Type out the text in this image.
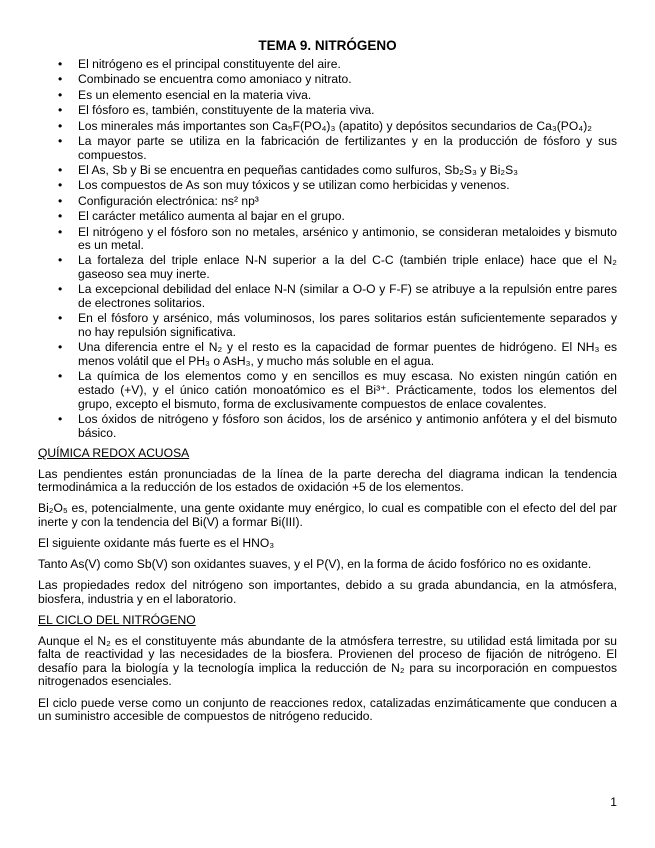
TEMA 9. NITRÓGENO
• El nitrógeno es el principal constituyente del aire.
• Combinado se encuentra como amoniaco y nitrato.
• Es un elemento esencial en la materia viva.
• El fósforo es, también, constituyente de la materia viva.
• Los minerales más importantes son Ca₅F(PO₄)₃ (apatito) y depósitos secundarios de Ca₃(PO₄)₂
• La mayor parte se utiliza en la fabricación de fertilizantes y en la producción de fósforo y sus compuestos.
• El As, Sb y Bi se encuentra en pequeñas cantidades como sulfuros, Sb₂S₃ y Bi₂S₃
• Los compuestos de As son muy tóxicos y se utilizan como herbicidas y venenos.
• Configuración electrónica: ns² np³
• El carácter metálico aumenta al bajar en el grupo.
• El nitrógeno y el fósforo son no metales, arsénico y antimonio, se consideran metaloides y bismuto es un metal.
• La fortaleza del triple enlace N-N superior a la del C-C (también triple enlace) hace que el N₂ gaseoso sea muy inerte.
• La excepcional debilidad del enlace N-N (similar a O-O y F-F) se atribuye a la repulsión entre pares de electrones solitarios.
• En el fósforo y arsénico, más voluminosos, los pares solitarios están suficientemente separados y no hay repulsión significativa.
• Una diferencia entre el N₂ y el resto es la capacidad de formar puentes de hidrógeno. El NH₃ es menos volátil que el PH₃ o AsH₃, y mucho más soluble en el agua.
• La química de los elementos como y en sencillos es muy escasa. No existen ningún catión en estado (+V), y el único catión monoatómico es el Bi³⁺. Prácticamente, todos los elementos del grupo, excepto el bismuto, forma de exclusivamente compuestos de enlace covalentes.
• Los óxidos de nitrógeno y fósforo son ácidos, los de arsénico y antimonio anfótera y el del bismuto básico.
QUÍMICA REDOX ACUOSA

Las pendientes están pronunciadas de la línea de la parte derecha del diagrama indican la tendencia termodinámica a la reducción de los estados de oxidación +5 de los elementos.

Bi₂O₅ es, potencialmente, una gente oxidante muy enérgico, lo cual es compatible con el efecto del del par inerte y con la tendencia del Bi(V) a formar Bi(III).

El siguiente oxidante más fuerte es el HNO₃

Tanto As(V) como Sb(V) son oxidantes suaves, y el P(V), en la forma de ácido fosfórico no es oxidante.

Las propiedades redox del nitrógeno son importantes, debido a su grada abundancia, en la atmósfera, biosfera, industria y en el laboratorio.

EL CICLO DEL NITRÓGENO

Aunque el N₂ es el constituyente más abundante de la atmósfera terrestre, su utilidad está limitada por su falta de reactividad y las necesidades de la biosfera. Provienen del proceso de fijación de nitrógeno. El desafío para la biología y la tecnología implica la reducción de N₂ para su incorporación en compuestos nitrogenados esenciales.

El ciclo puede verse como un conjunto de reacciones redox, catalizadas enzimáticamente que conducen a un suministro accesible de compuestos de nitrógeno reducido.

1
